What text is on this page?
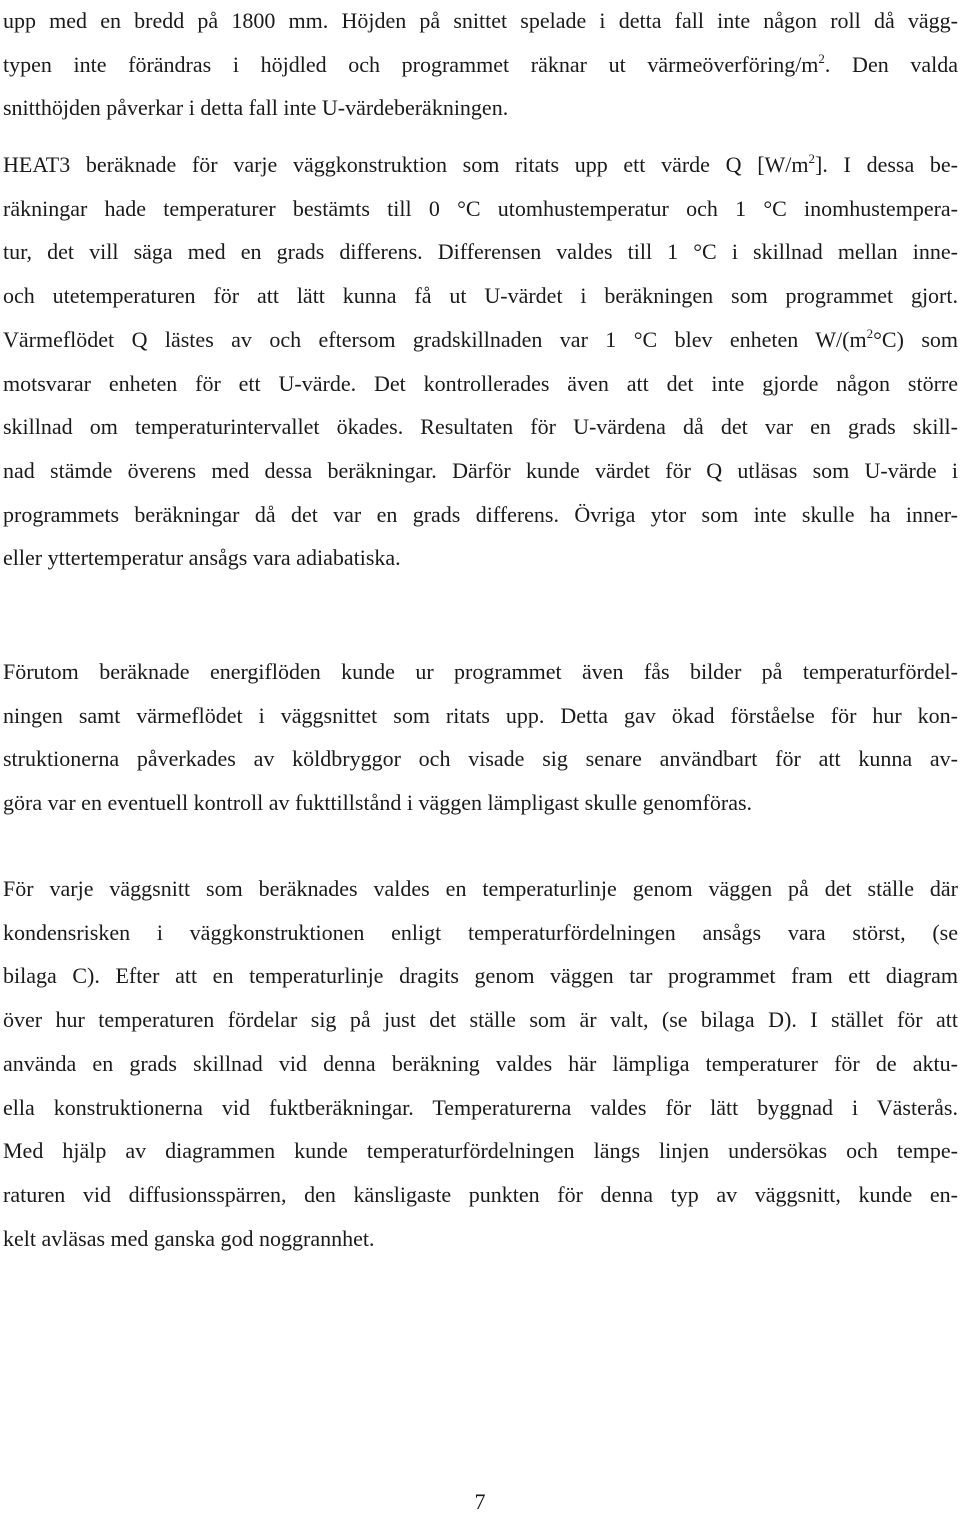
upp med en bredd på 1800 mm. Höjden på snittet spelade i detta fall inte någon roll då vägg-
typen inte förändras i höjdled och programmet räknar ut värmeöverföring/$m^2$. Den valda
snitthöjden påverkar i detta fall inte U-värdeberäkningen.

HEAT3 beräknade för varje väggkonstruktion som ritats upp ett värde Q $[W/m^2]$. I dessa be-
räkningar hade temperaturer bestämts till 0 °C utomhustemperatur och 1 °C inomhustempera-
tur, det vill säga med en grads differens. Differensen valdes till 1 °C i skillnad mellan inne-
och utetemperaturen för att lätt kunna få ut U-värdet i beräkningen som programmet gjort.
Värmeflödet Q lästes av och eftersom gradskillnaden var 1 °C blev enheten $W/(m^2^\circ C)$ som
motsvarar enheten för ett U-värde. Det kontrollerades även att det inte gjorde någon större
skillnad om temperaturintervallet ökades. Resultaten för U-värdena då det var en grads skill-
nad stämde överens med dessa beräkningar. Därför kunde värdet för Q utläsas som U-värde i
programmets beräkningar då det var en grads differens. Övriga ytor som inte skulle ha inner-
eller yttertemperatur ansågs vara adiabatiska.

Förutom beräknade energiflöden kunde ur programmet även fås bilder på temperaturfördel-
ningen samt värmeflödet i väggsnittet som ritats upp. Detta gav ökad förståelse för hur kon-
struktionerna påverkades av köldbryggor och visade sig senare användbart för att kunna av-
göra var en eventuell kontroll av fukttillstånd i väggen lämpligast skulle genomföras.

För varje väggsnitt som beräknades valdes en temperaturlinje genom väggen på det ställe där
kondensrisken i väggkonstruktionen enligt temperaturfördelningen ansågs vara störst, (se
bilaga C). Efter att en temperaturlinje dragits genom väggen tar programmet fram ett diagram
över hur temperaturen fördelar sig på just det ställe som är valt, (se bilaga D). I stället för att
använda en grads skillnad vid denna beräkning valdes här lämpliga temperaturer för de aktu-
ella konstruktionerna vid fuktberäkningar. Temperaturerna valdes för lätt byggnad i Västerås.
Med hjälp av diagrammen kunde temperaturfördelningen längs linjen undersökas och tempe-
raturen vid diffusionsspärren, den känsligaste punkten för denna typ av väggsnitt, kunde en-
kelt avläsas med ganska god noggrannhet.

7
